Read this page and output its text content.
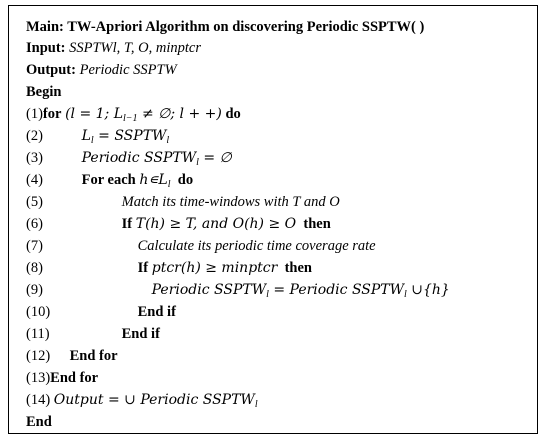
Main: TW-Apriori Algorithm on discovering Periodic SSPTW( )
Input: SSPTWl, T, O, minptcr
Output: Periodic SSPTW
Begin
(1)for (l = 1; $L_{l-1}$ ≠ ∅; l + +) do
(2)	$L_l$ = $SSPTW_l$
(3)	Periodic $SSPTW_l$ = ∅
(4)	For each $h∊L_l$  do
(5)	Match its time-windows with T and O
(6)	If T(h) ≥ T, and O(h) ≥ O  then
(7)	Calculate its periodic time coverage rate
(8)	If ptcr(h) ≥ minptcr  then
(9)	Periodic $SSPTW_l$ = Periodic $SSPTW_l$ ∪{h}
(10)	End if
(11)	End if
(12) End for
(13)End for
(14) Output = ∪ Periodic $SSPTW_l$
End
